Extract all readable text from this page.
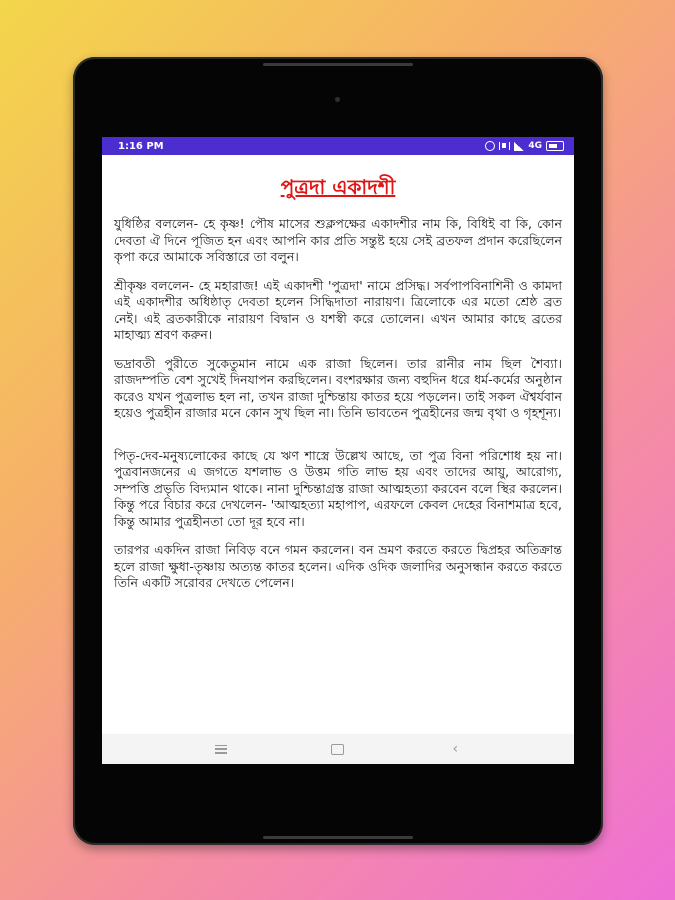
1:16 PM	4G
পুত্রদা একাদশী

যুধিষ্ঠির বললেন- হে কৃষ্ণ! পৌষ মাসের শুক্লপক্ষের একাদশীর নাম কি, বিধিই বা কি, কোন দেবতা ঐ দিনে পূজিত হন এবং আপনি কার প্রতি সন্তুষ্ট হয়ে সেই ব্রতফল প্রদান করেছিলেন কৃপা করে আমাকে সবিস্তারে তা বলুন।

শ্রীকৃষ্ণ বললেন- হে মহারাজ! এই একাদশী 'পুত্রদা' নামে প্রসিদ্ধ। সর্বপাপবিনাশিনী ও কামদা এই একাদশীর অধিষ্ঠাতৃ দেবতা হলেন সিদ্ধিদাতা নারায়ণ। ত্রিলোকে এর মতো শ্রেষ্ঠ ব্রত নেই। এই ব্রতকারীকে নারায়ণ বিদ্বান ও যশস্বী করে তোলেন। এখন আমার কাছে ব্রতের মাহাত্ম্য শ্রবণ করুন।

ভদ্রাবতী পুরীতে সুকেতুমান নামে এক রাজা ছিলেন। তার রানীর নাম ছিল শৈব্যা। রাজদম্পতি বেশ সুখেই দিনযাপন করছিলেন। বংশরক্ষার জন্য বহুদিন ধরে ধর্ম-কর্মের অনুষ্ঠান করেও যখন পুত্রলাভ হল না, তখন রাজা দুশ্চিন্তায় কাতর হয়ে পড়লেন। তাই সকল ঐশ্বর্যবান হয়েও পুত্রহীন রাজার মনে কোন সুখ ছিল না। তিনি ভাবতেন পুত্রহীনের জন্ম বৃথা ও গৃহশূন্য।

পিতৃ-দেব-মনুষ্যলোকের কাছে যে ঋণ শাস্ত্রে উল্লেখ আছে, তা পুত্র বিনা পরিশোধ হয় না। পুত্রবানজনের এ জগতে যশলাভ ও উত্তম গতি লাভ হয় এবং তাদের আয়ু, আরোগ্য, সম্পত্তি প্রভৃতি বিদ্যমান থাকে। নানা দুশ্চিন্তাগ্রস্ত রাজা আত্মহত্যা করবেন বলে স্থির করলেন। কিন্তু পরে বিচার করে দেখলেন- 'আত্মহত্যা মহাপাপ, এরফলে কেবল দেহের বিনাশমাত্র হবে, কিন্তু আমার পুত্রহীনতা তো দূর হবে না।

তারপর একদিন রাজা নিবিড় বনে গমন করলেন। বন ভ্রমণ করতে করতে দ্বিপ্রহর অতিক্রান্ত হলে রাজা ক্ষুধা-তৃষ্ণায় অত্যন্ত কাতর হলেন। এদিক ওদিক জলাদির অনুসন্ধান করতে করতে তিনি একটি সরোবর দেখতে পেলেন।

‹
